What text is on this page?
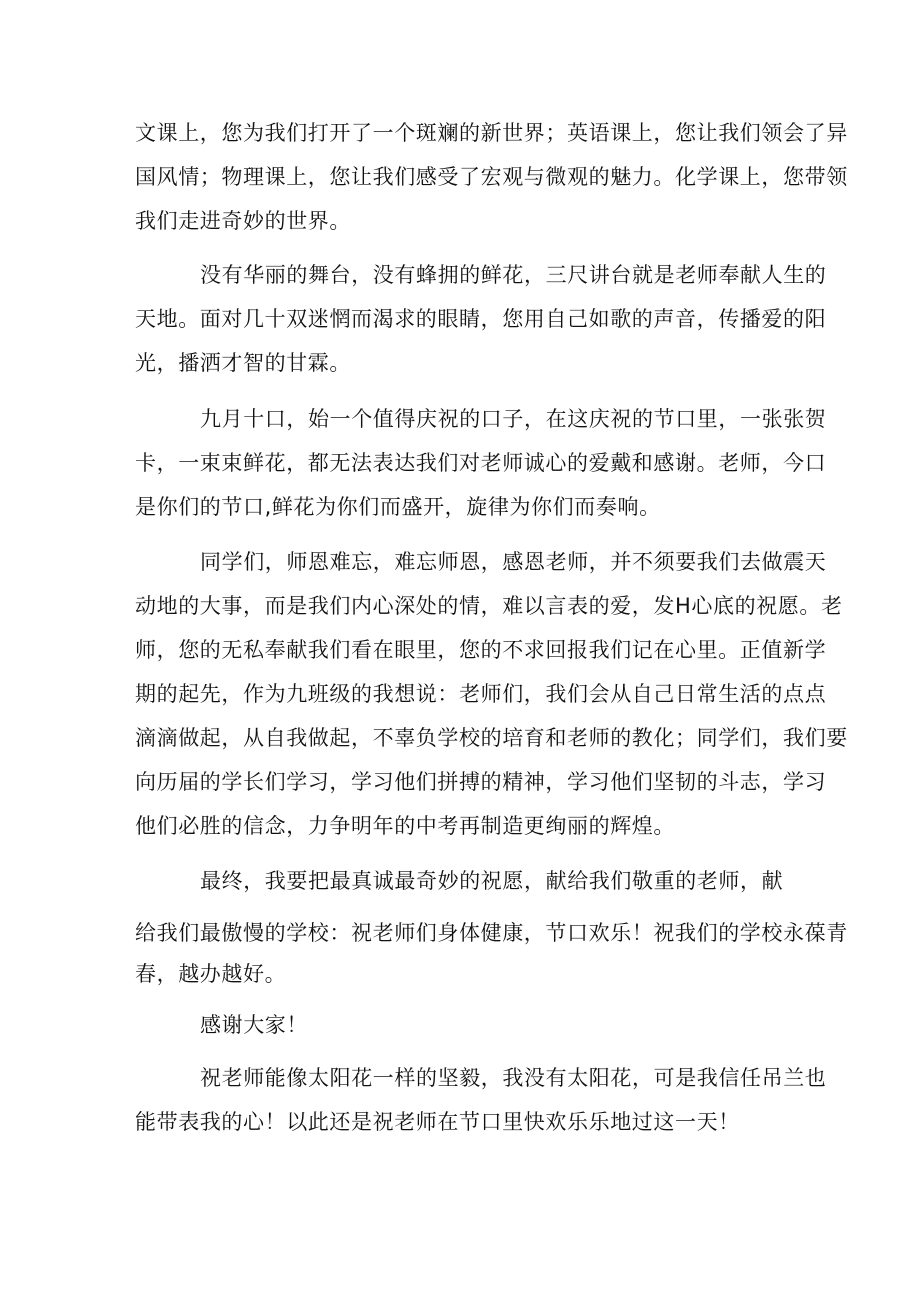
文课上，您为我们打开了一个斑斓的新世界；英语课上，您让我们领会了异
国风情；物理课上，您让我们感受了宏观与微观的魅力。化学课上，您带领
我们走进奇妙的世界。
没有华丽的舞台，没有蜂拥的鲜花，三尺讲台就是老师奉献人生的
天地。面对几十双迷惘而渴求的眼睛，您用自己如歌的声音，传播爱的阳
光，播洒才智的甘霖。
九月十口，始一个值得庆祝的口子，在这庆祝的节口里，一张张贺
卡，一束束鲜花，都无法表达我们对老师诚心的爱戴和感谢。老师，今口
是你们的节口,鲜花为你们而盛开，旋律为你们而奏响。
同学们，师恩难忘，难忘师恩，感恩老师，并不须要我们去做震天
动地的大事，而是我们内心深处的情，难以言表的爱，发H心底的祝愿。老
师，您的无私奉献我们看在眼里，您的不求回报我们记在心里。正值新学
期的起先，作为九班级的我想说：老师们，我们会从自己日常生活的点点
滴滴做起，从自我做起，不辜负学校的培育和老师的教化；同学们，我们要
向历届的学长们学习，学习他们拼搏的精神，学习他们坚韧的斗志，学习
他们必胜的信念，力争明年的中考再制造更绚丽的辉煌。
最终，我要把最真诚最奇妙的祝愿，献给我们敬重的老师，献
给我们最傲慢的学校：祝老师们身体健康，节口欢乐！祝我们的学校永葆青
春，越办越好。
感谢大家！
祝老师能像太阳花一样的坚毅，我没有太阳花，可是我信任吊兰也
能带表我的心！以此还是祝老师在节口里快欢乐乐地过这一天！
